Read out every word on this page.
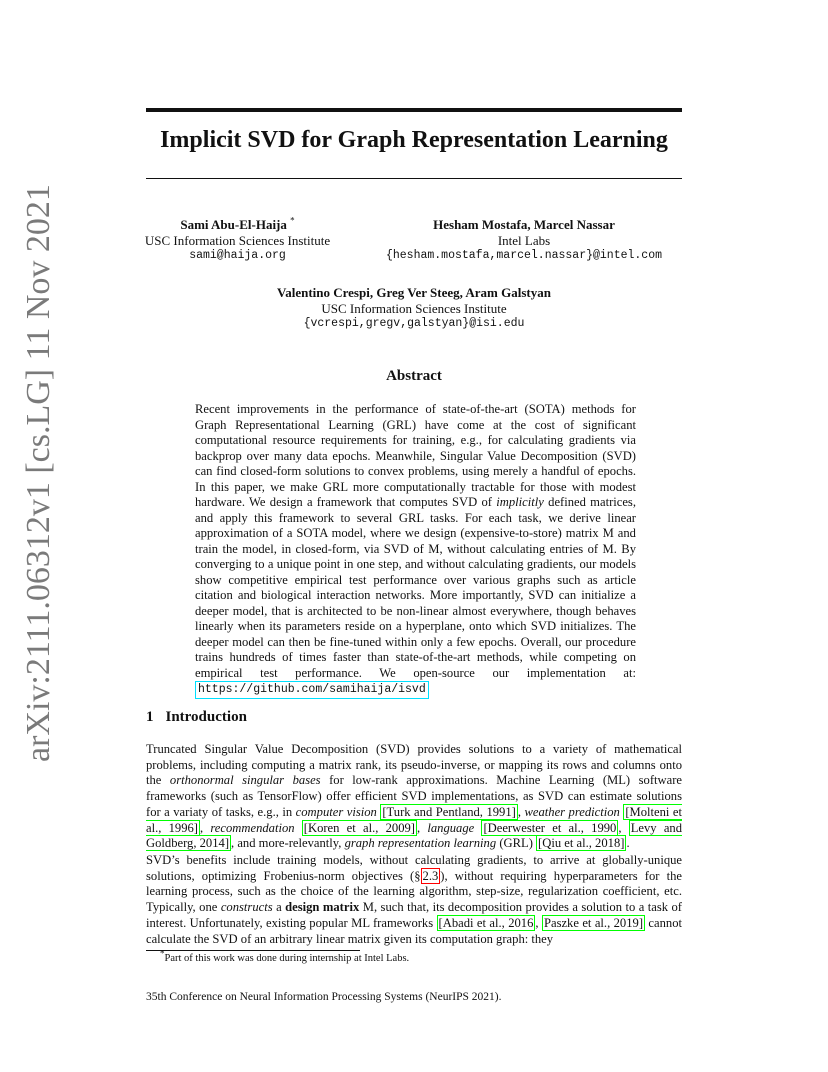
arXiv:2111.06312v1 [cs.LG] 11 Nov 2021
Implicit SVD for Graph Representation Learning
Sami Abu-El-Haija *
USC Information Sciences Institute
sami@haija.org
Hesham Mostafa, Marcel Nassar
Intel Labs
{hesham.mostafa,marcel.nassar}@intel.com
Valentino Crespi, Greg Ver Steeg, Aram Galstyan
USC Information Sciences Institute
{vcrespi,gregv,galstyan}@isi.edu
Abstract
Recent improvements in the performance of state-of-the-art (SOTA) methods for Graph Representational Learning (GRL) have come at the cost of significant computational resource requirements for training, e.g., for calculating gradients via backprop over many data epochs. Meanwhile, Singular Value Decomposition (SVD) can find closed-form solutions to convex problems, using merely a handful of epochs. In this paper, we make GRL more computationally tractable for those with modest hardware. We design a framework that computes SVD of implicitly defined matrices, and apply this framework to several GRL tasks. For each task, we derive linear approximation of a SOTA model, where we design (expensive-to-store) matrix M and train the model, in closed-form, via SVD of M, without calculating entries of M. By converging to a unique point in one step, and without calculating gradients, our models show competitive empirical test performance over various graphs such as article citation and biological interaction networks. More importantly, SVD can initialize a deeper model, that is architected to be non-linear almost everywhere, though behaves linearly when its parameters reside on a hyperplane, onto which SVD initializes. The deeper model can then be fine-tuned within only a few epochs. Overall, our procedure trains hundreds of times faster than state-of-the-art methods, while competing on empirical test performance. We open-source our implementation at: https://github.com/samihaija/isvd
1 Introduction
Truncated Singular Value Decomposition (SVD) provides solutions to a variety of mathematical problems, including computing a matrix rank, its pseudo-inverse, or mapping its rows and columns onto the orthonormal singular bases for low-rank approximations. Machine Learning (ML) software frameworks (such as TensorFlow) offer efficient SVD implementations, as SVD can estimate solutions for a variaty of tasks, e.g., in computer vision [Turk and Pentland, 1991] , weather prediction [Molteni et al., 1996] , recommendation [Koren et al., 2009] , language [Deerwester et al., 1990 , Levy and Goldberg, 2014] , and more-relevantly, graph representation learning (GRL) [Qiu et al., 2018] .
SVD’s benefits include training models, without calculating gradients, to arrive at globally-unique solutions, optimizing Frobenius-norm objectives (§ 2.3 ), without requiring hyperparameters for the learning process, such as the choice of the learning algorithm, step-size, regularization coefficient, etc. Typically, one constructs a design matrix M, such that, its decomposition provides a solution to a task of interest. Unfortunately, existing popular ML frameworks [Abadi et al., 2016 , Paszke et al., 2019] cannot calculate the SVD of an arbitrary linear matrix given its computation graph: they
*Part of this work was done during internship at Intel Labs.
35th Conference on Neural Information Processing Systems (NeurIPS 2021).
